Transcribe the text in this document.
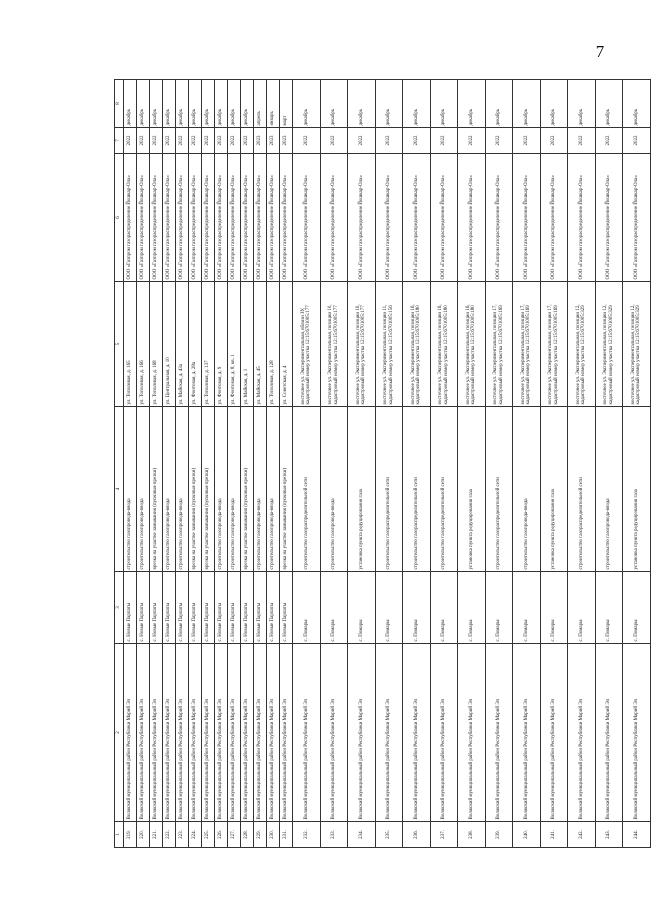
7
1	2	3	4	5	6	7	8
219.	Волжский муниципальный район Республики Марий Эл	с. Новые Парпаты	строительство газопровода-ввода	ул. Тополевая, д. 165	ООО «Газпром газораспределение Йошкар-Ола»	2022	декабрь
220.	Волжский муниципальный район Республики Марий Эл	с. Новые Парпаты	строительство газопровода-ввода	ул. Тополевая, д. 166	ООО «Газпром газораспределение Йошкар-Ола»	2022	декабрь
221.	Волжский муниципальный район Республики Марий Эл	с. Новые Парпаты	врезка на участке замыкания (пусковые врезки)	ул. Тополевая, д. 168	ООО «Газпром газораспределение Йошкар-Ола»	2022	декабрь
222.	Волжский муниципальный район Республики Марий Эл	с. Новые Парпаты	строительство газопровода-ввода	ул. Центральная, д. 10	ООО «Газпром газораспределение Йошкар-Ола»	2022	декабрь
223.	Волжский муниципальный район Республики Марий Эл	с. Новые Парпаты	строительство газопровода-ввода	ул. Майская, д. 43а	ООО «Газпром газораспределение Йошкар-Ола»	2022	декабрь
224.	Волжский муниципальный район Республики Марий Эл	с. Новые Парпаты	врезка на участке замыкания (пусковые врезки)	ул. Фонтовая, д. 28а	ООО «Газпром газораспределение Йошкар-Ола»	2022	декабрь
225.	Волжский муниципальный район Республики Марий Эл	с. Новые Парпаты	врезка на участке замыкания (пусковые врезки)	ул. Тополевая, д. 137	ООО «Газпром газораспределение Йошкар-Ола»	2022	декабрь
226.	Волжский муниципальный район Республики Марий Эл	с. Новые Парпаты	строительство газопровода-ввода	ул. Фонтовая, д. 9	ООО «Газпром газораспределение Йошкар-Ола»	2022	декабрь
227.	Волжский муниципальный район Республики Марий Эл	с. Новые Парпаты	строительство газопровода-ввода	ул. Фонтовая, д. 8, кв. 1	ООО «Газпром газораспределение Йошкар-Ола»	2022	декабрь
228.	Волжский муниципальный район Республики Марий Эл	с. Новые Парпаты	врезка на участке замыкания (пусковые врезки)	ул. Майская, д. 1	ООО «Газпром газораспределение Йошкар-Ола»	2022	декабрь
229.	Волжский муниципальный район Республики Марий Эл	с. Новые Парпаты	строительство газопровода-ввода	ул. Майская, д. 45	ООО «Газпром газораспределение Йошкар-Ола»	2023	апрель
230.	Волжский муниципальный район Республики Марий Эл	с. Новые Парпаты	строительство газопровода-ввода	ул. Тополевая, д. 128	ООО «Газпром газораспределение Йошкар-Ола»	2023	январь
231.	Волжский муниципальный район Республики Марий Эл	с. Новые Парпаты	врезка на участке замыкания (пусковые врезки)	ул. Советская, д. 4	ООО «Газпром газораспределение Йошкар-Ола»	2023	март
232.	Волжский муниципальный район Республики Марий Эл	с. Помары	строительство газораспределительной сети	восточнее ул. Экспериментальная, вблизи ЗУ, кадастровый номер участка 12:15:6701005:177	ООО «Газпром газораспределение Йошкар-Ола»	2022	декабрь
233.	Волжский муниципальный район Республики Марий Эл	с. Помары	строительство газопровода-ввода	восточнее ул. Экспериментальная, позиции 10, кадастровый номер участка 12:15:6701005:177	ООО «Газпром газораспределение Йошкар-Ола»	2022	декабрь
234.	Волжский муниципальный район Республики Марий Эл	с. Помары	установка пункта редуцирования газа	восточнее ул. Экспериментальная, позиции 10, кадастровый номер участка 12:15:6701005:177	ООО «Газпром газораспределение Йошкар-Ола»	2022	декабрь
235.	Волжский муниципальный район Республики Марий Эл	с. Помары	строительство газораспределительной сети	восточнее ул. Экспериментальная, позиции 11, кадастровый номер участка 12:15:6701005:156	ООО «Газпром газораспределение Йошкар-Ола»	2022	декабрь
236.	Волжский муниципальный район Республики Марий Эл	с. Помары	строительство газораспределительной сети	восточнее ул. Экспериментальная, позиции 16, кадастровый номер участка 12:15:6701005:180	ООО «Газпром газораспределение Йошкар-Ола»	2022	декабрь
237.	Волжский муниципальный район Республики Марий Эл	с. Помары	строительство газораспределительной сети	восточнее ул. Экспериментальная, позиции 16, кадастровый номер участка 12:15:6701005:180	ООО «Газпром газораспределение Йошкар-Ола»	2022	декабрь
238.	Волжский муниципальный район Республики Марий Эл	с. Помары	установка пункта редуцирования газа	восточнее ул. Экспериментальная, позиции 16, кадастровый номер участка 12:15:6701005:180	ООО «Газпром газораспределение Йошкар-Ола»	2022	декабрь
239.	Волжский муниципальный район Республики Марий Эл	с. Помары	строительство газораспределительной сети	восточнее ул. Экспериментальная, позиции 17, кадастровый номер участка 12:15:6701005:169	ООО «Газпром газораспределение Йошкар-Ола»	2022	декабрь
240.	Волжский муниципальный район Республики Марий Эл	с. Помары	строительство газопровода-ввода	восточнее ул. Экспериментальная, позиции 17, кадастровый номер участка 12:15:6701005:169	ООО «Газпром газораспределение Йошкар-Ола»	2022	декабрь
241.	Волжский муниципальный район Республики Марий Эл	с. Помары	установка пункта редуцирования газа	восточнее ул. Экспериментальная, позиции 17, кадастровый номер участка 12:15:6701005:169	ООО «Газпром газораспределение Йошкар-Ола»	2022	декабрь
242.	Волжский муниципальный район Республики Марий Эл	с. Помары	строительство газораспределительной сети	восточнее ул. Экспериментальная, позиции 12, кадастровый номер участка 12:15:6701005:329	ООО «Газпром газораспределение Йошкар-Ола»	2022	декабрь
243.	Волжский муниципальный район Республики Марий Эл	с. Помары	строительство газопровода-ввода	восточнее ул. Экспериментальная, позиции 12, кадастровый номер участка 12:15:6701005:329	ООО «Газпром газораспределение Йошкар-Ола»	2022	декабрь
244.	Волжский муниципальный район Республики Марий Эл	с. Помары	установка пункта редуцирования газа	восточнее ул. Экспериментальная, позиции 12, кадастровый номер участка 12:15:6701005:329	ООО «Газпром газораспределение Йошкар-Ола»	2022	декабрь
